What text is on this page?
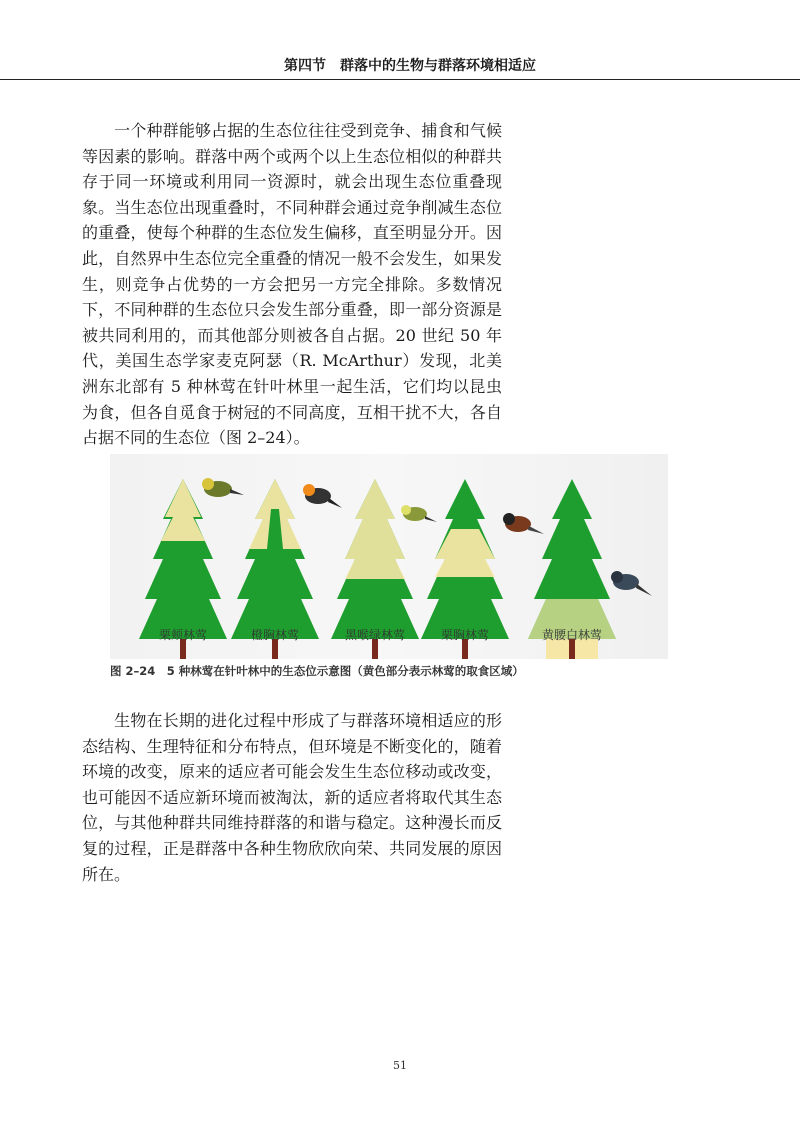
第四节　群落中的生物与群落环境相适应

一个种群能够占据的生态位往往受到竞争、捕食和气候等因素的影响。群落中两个或两个以上生态位相似的种群共存于同一环境或利用同一资源时，就会出现生态位重叠现象。当生态位出现重叠时，不同种群会通过竞争削减生态位的重叠，使每个种群的生态位发生偏移，直至明显分开。因此，自然界中生态位完全重叠的情况一般不会发生，如果发生，则竞争占优势的一方会把另一方完全排除。多数情况下，不同种群的生态位只会发生部分重叠，即一部分资源是被共同利用的，而其他部分则被各自占据。20 世纪 50 年代，美国生态学家麦克阿瑟（R. McArthur）发现，北美洲东北部有 5 种林莺在针叶林里一起生活，它们均以昆虫为食，但各自觅食于树冠的不同高度，互相干扰不大，各自占据不同的生态位（图 2–24）。

栗颊林莺	橙胸林莺	黑喉绿林莺	栗胸林莺	黄腰白林莺
图 2–24　5 种林莺在针叶林中的生态位示意图（黄色部分表示林莺的取食区域）

生物在长期的进化过程中形成了与群落环境相适应的形态结构、生理特征和分布特点，但环境是不断变化的，随着环境的改变，原来的适应者可能会发生生态位移动或改变，也可能因不适应新环境而被淘汰，新的适应者将取代其生态位，与其他种群共同维持群落的和谐与稳定。这种漫长而反复的过程，正是群落中各种生物欣欣向荣、共同发展的原因所在。

51
